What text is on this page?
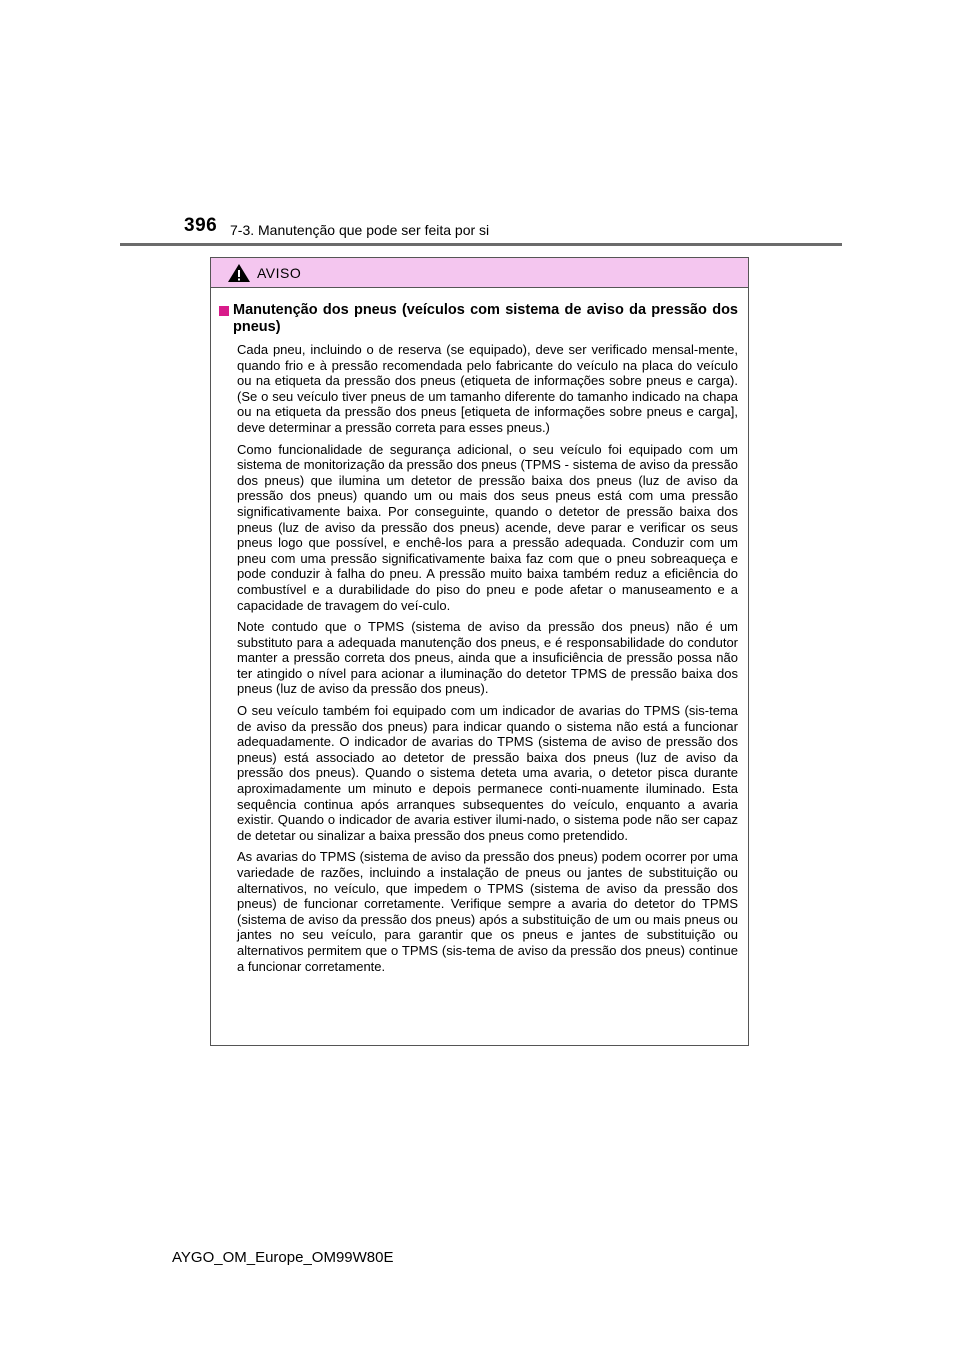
396 7-3. Manutenção que pode ser feita por si
AVISO
Manutenção dos pneus (veículos com sistema de aviso da pressão dos pneus)

Cada pneu, incluindo o de reserva (se equipado), deve ser verificado mensal-mente, quando frio e à pressão recomendada pelo fabricante do veículo na placa do veículo ou na etiqueta da pressão dos pneus (etiqueta de informações sobre pneus e carga). (Se o seu veículo tiver pneus de um tamanho diferente do tamanho indicado na chapa ou na etiqueta da pressão dos pneus [etiqueta de informações sobre pneus e carga], deve determinar a pressão correta para esses pneus.)

Como funcionalidade de segurança adicional, o seu veículo foi equipado com um sistema de monitorização da pressão dos pneus (TPMS - sistema de aviso da pressão dos pneus) que ilumina um detetor de pressão baixa dos pneus (luz de aviso da pressão dos pneus) quando um ou mais dos seus pneus está com uma pressão significativamente baixa. Por conseguinte, quando o detetor de pressão baixa dos pneus (luz de aviso da pressão dos pneus) acende, deve parar e verificar os seus pneus logo que possível, e enchê-los para a pressão adequada. Conduzir com um pneu com uma pressão significativamente baixa faz com que o pneu sobreaqueça e pode conduzir à falha do pneu. A pressão muito baixa também reduz a eficiência do combustível e a durabilidade do piso do pneu e pode afetar o manuseamento e a capacidade de travagem do veí-culo.

Note contudo que o TPMS (sistema de aviso da pressão dos pneus) não é um substituto para a adequada manutenção dos pneus, e é responsabilidade do condutor manter a pressão correta dos pneus, ainda que a insuficiência de pressão possa não ter atingido o nível para acionar a iluminação do detetor TPMS de pressão baixa dos pneus (luz de aviso da pressão dos pneus).

O seu veículo também foi equipado com um indicador de avarias do TPMS (sis-tema de aviso da pressão dos pneus) para indicar quando o sistema não está a funcionar adequadamente. O indicador de avarias do TPMS (sistema de aviso de pressão dos pneus) está associado ao detetor de pressão baixa dos pneus (luz de aviso da pressão dos pneus). Quando o sistema deteta uma avaria, o detetor pisca durante aproximadamente um minuto e depois permanece conti-nuamente iluminado. Esta sequência continua após arranques subsequentes do veículo, enquanto a avaria existir. Quando o indicador de avaria estiver ilumi-nado, o sistema pode não ser capaz de detetar ou sinalizar a baixa pressão dos pneus como pretendido.

As avarias do TPMS (sistema de aviso da pressão dos pneus) podem ocorrer por uma variedade de razões, incluindo a instalação de pneus ou jantes de substituição ou alternativos, no veículo, que impedem o TPMS (sistema de aviso da pressão dos pneus) de funcionar corretamente. Verifique sempre a avaria do detetor do TPMS (sistema de aviso da pressão dos pneus) após a substituição de um ou mais pneus ou jantes no seu veículo, para garantir que os pneus e jantes de substituição ou alternativos permitem que o TPMS (sis-tema de aviso da pressão dos pneus) continue a funcionar corretamente.

AYGO_OM_Europe_OM99W80E
